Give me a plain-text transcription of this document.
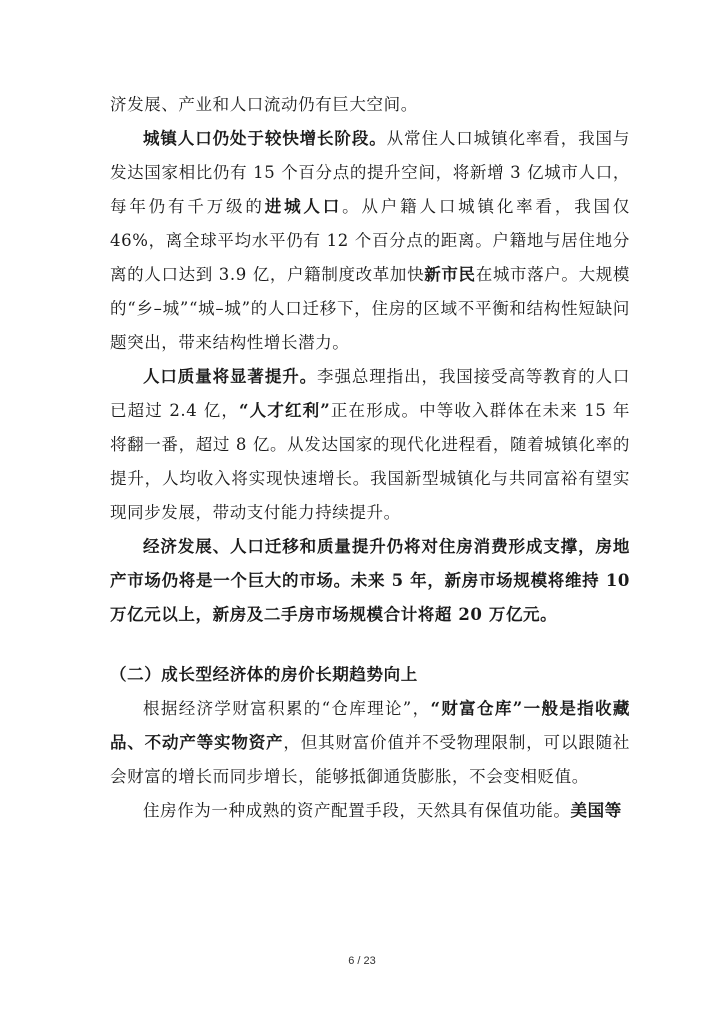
济发展、产业和人口流动仍有巨大空间。

城镇人口仍处于较快增长阶段。从常住人口城镇化率看，我国与发达国家相比仍有 15 个百分点的提升空间，将新增 3 亿城市人口，每年仍有千万级的进城人口。从户籍人口城镇化率看，我国仅 46%，离全球平均水平仍有 12 个百分点的距离。户籍地与居住地分离的人口达到 3.9 亿，户籍制度改革加快新市民在城市落户。大规模的“乡–城”“城–城”的人口迁移下，住房的区域不平衡和结构性短缺问题突出，带来结构性增长潜力。

人口质量将显著提升。李强总理指出，我国接受高等教育的人口已超过 2.4 亿，“人才红利”正在形成。中等收入群体在未来 15 年将翻一番，超过 8 亿。从发达国家的现代化进程看，随着城镇化率的提升，人均收入将实现快速增长。我国新型城镇化与共同富裕有望实现同步发展，带动支付能力持续提升。

经济发展、人口迁移和质量提升仍将对住房消费形成支撑，房地产市场仍将是一个巨大的市场。未来 5 年，新房市场规模将维持 10 万亿元以上，新房及二手房市场规模合计将超 20 万亿元。

（二）成长型经济体的房价长期趋势向上

根据经济学财富积累的“仓库理论”，“财富仓库”一般是指收藏品、不动产等实物资产，但其财富价值并不受物理限制，可以跟随社会财富的增长而同步增长，能够抵御通货膨胀，不会变相贬值。

住房作为一种成熟的资产配置手段，天然具有保值功能。美国等

6 / 23
